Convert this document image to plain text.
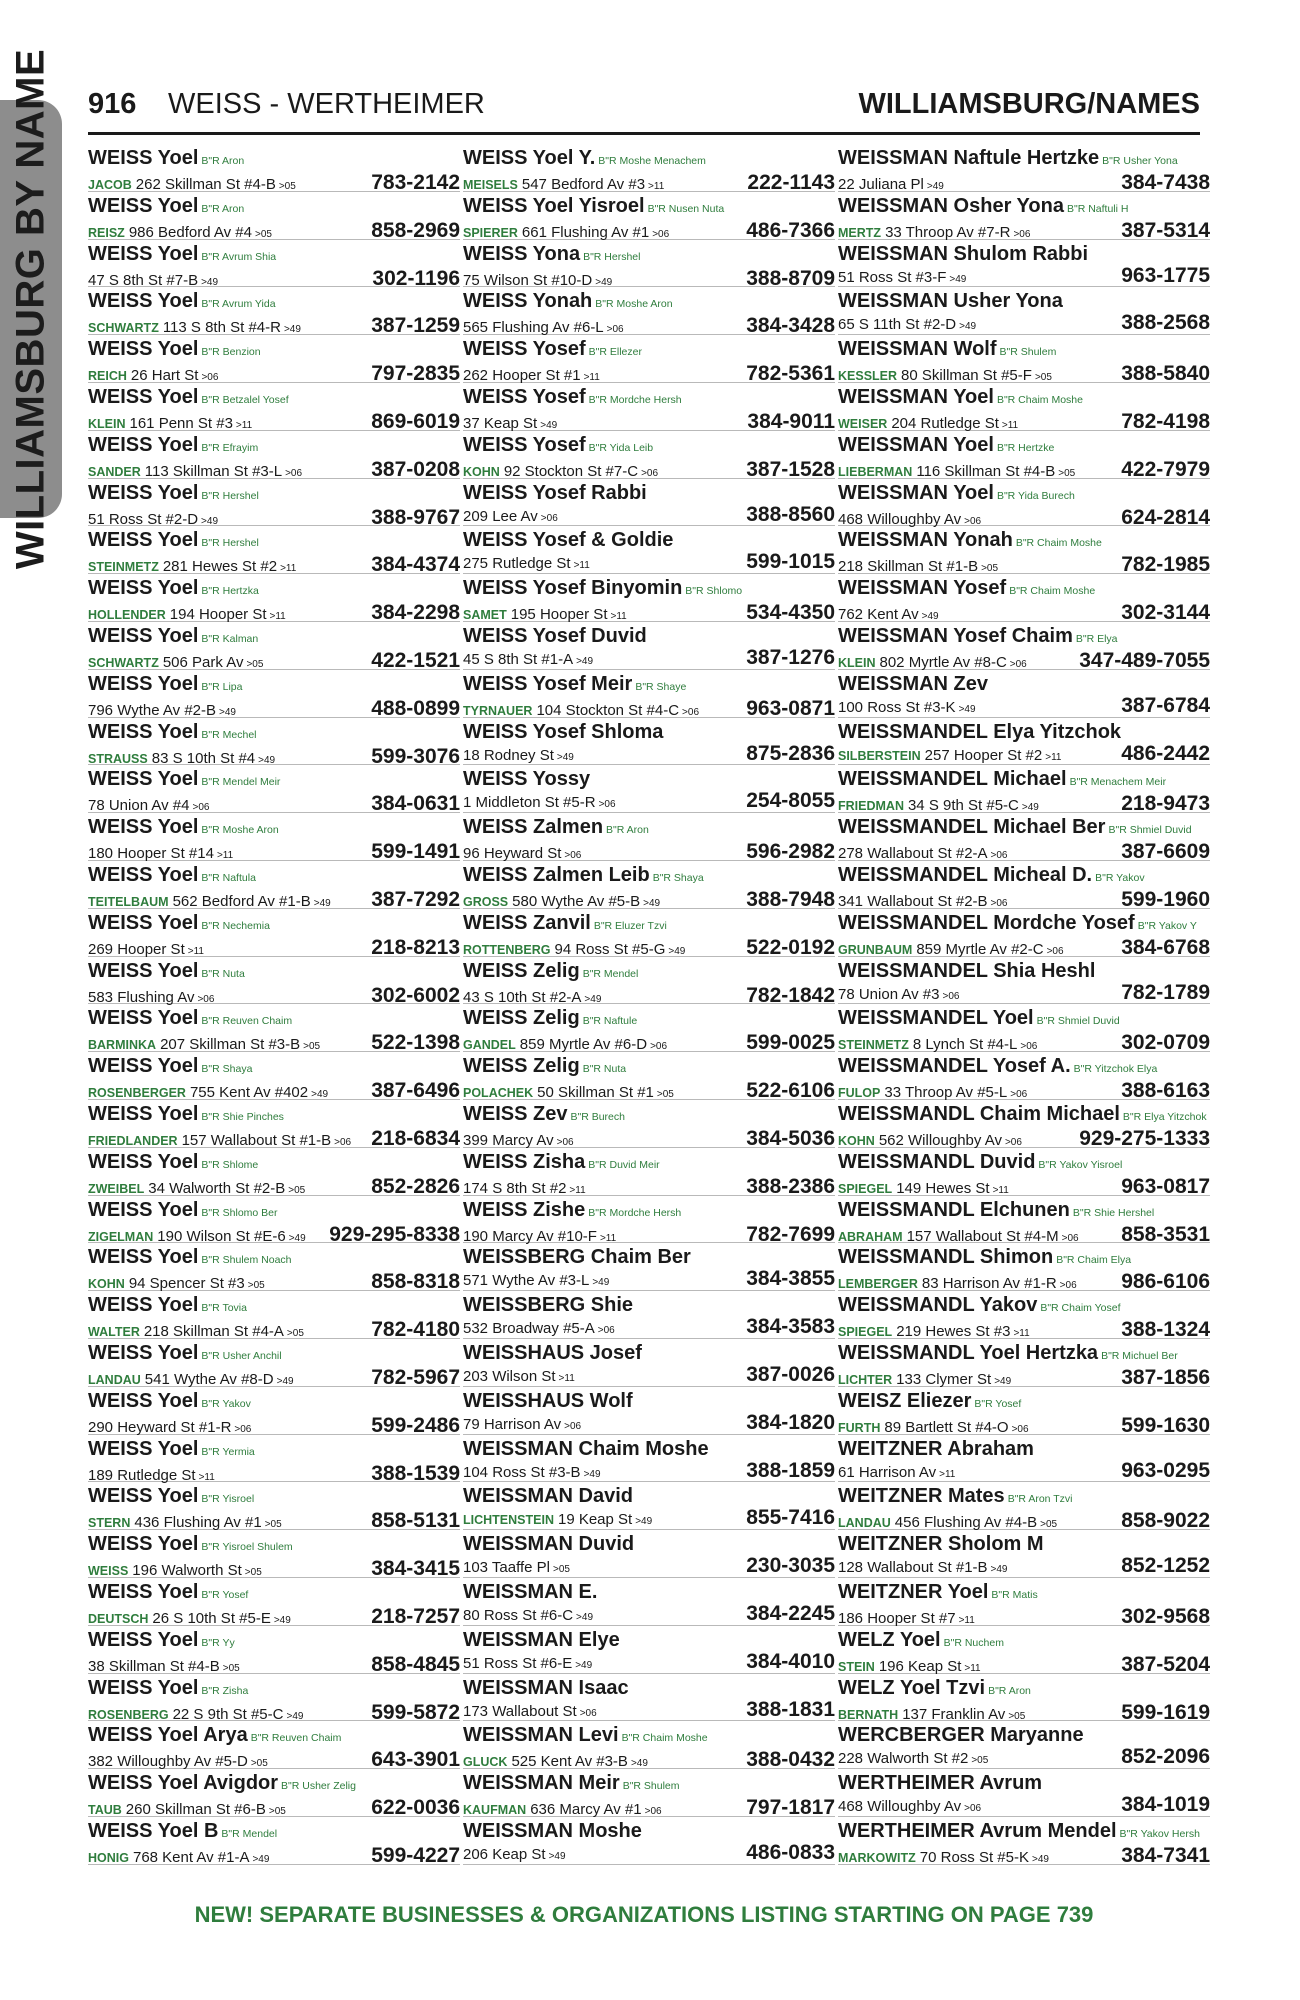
WILLIAMSBURG BY NAME 916 WEISS - WERTHEIMER	WILLIAMSBURG/NAMES
WEISS Yoel B"R Aron
JACOB 262 Skillman St #4-B >05	783-2142
WEISS Yoel B"R Aron
REISZ 986 Bedford Av #4 >05	858-2969
WEISS Yoel B"R Avrum Shia
47 S 8th St #7-B >49	302-1196
WEISS Yoel B"R Avrum Yida
SCHWARTZ 113 S 8th St #4-R >49	387-1259
WEISS Yoel B"R Benzion
REICH 26 Hart St >06	797-2835
WEISS Yoel B"R Betzalel Yosef
KLEIN 161 Penn St #3 >11	869-6019
WEISS Yoel B"R Efrayim
SANDER 113 Skillman St #3-L >06	387-0208
WEISS Yoel B"R Hershel
51 Ross St #2-D >49	388-9767
WEISS Yoel B"R Hershel
STEINMETZ 281 Hewes St #2 >11	384-4374
WEISS Yoel B"R Hertzka
HOLLENDER 194 Hooper St >11	384-2298
WEISS Yoel B"R Kalman
SCHWARTZ 506 Park Av >05	422-1521
WEISS Yoel B"R Lipa
796 Wythe Av #2-B >49	488-0899
WEISS Yoel B"R Mechel
STRAUSS 83 S 10th St #4 >49	599-3076
WEISS Yoel B"R Mendel Meir
78 Union Av #4 >06	384-0631
WEISS Yoel B"R Moshe Aron
180 Hooper St #14 >11	599-1491
WEISS Yoel B"R Naftula
TEITELBAUM 562 Bedford Av #1-B >49 387-7292
WEISS Yoel B"R Nechemia
269 Hooper St >11	218-8213
WEISS Yoel B"R Nuta
583 Flushing Av >06	302-6002
WEISS Yoel B"R Reuven Chaim
BARMINKA 207 Skillman St #3-B >05 522-1398
WEISS Yoel B"R Shaya
ROSENBERGER 755 Kent Av #402 >49 387-6496
WEISS Yoel B"R Shie Pinches
FRIEDLANDER 157 Wallabout St #1-B >06 218-6834
WEISS Yoel B"R Shlome
ZWEIBEL 34 Walworth St #2-B >05	852-2826
WEISS Yoel B"R Shlomo Ber
ZIGELMAN 190 Wilson St #E-6 >49 929-295-8338
WEISS Yoel B"R Shulem Noach
KOHN 94 Spencer St #3 >05	858-8318
WEISS Yoel B"R Tovia
WALTER 218 Skillman St #4-A >05	782-4180
WEISS Yoel B"R Usher Anchil
LANDAU 541 Wythe Av #8-D >49	782-5967
WEISS Yoel B"R Yakov
290 Heyward St #1-R >06	599-2486
WEISS Yoel B"R Yermia
189 Rutledge St >11	388-1539
WEISS Yoel B"R Yisroel
STERN 436 Flushing Av #1 >05	858-5131
WEISS Yoel B"R Yisroel Shulem
WEISS 196 Walworth St >05	384-3415
WEISS Yoel B"R Yosef
DEUTSCH 26 S 10th St #5-E >49	218-7257
WEISS Yoel B"R Yy
38 Skillman St #4-B >05	858-4845
WEISS Yoel B"R Zisha
ROSENBERG 22 S 9th St #5-C >49	599-5872
WEISS Yoel Arya B"R Reuven Chaim
382 Willoughby Av #5-D >05	643-3901
WEISS Yoel Avigdor B"R Usher Zelig
TAUB 260 Skillman St #6-B >05	622-0036
WEISS Yoel B B"R Mendel
HONIG 768 Kent Av #1-A >49	599-4227
WEISS Yoel Y. B"R Moshe Menachem
MEISELS 547 Bedford Av #3 >11	222-1143
WEISS Yoel Yisroel B"R Nusen Nuta
SPIERER 661 Flushing Av #1 >06	486-7366
WEISS Yona B"R Hershel
75 Wilson St #10-D >49	388-8709
WEISS Yonah B"R Moshe Aron
565 Flushing Av #6-L >06	384-3428
WEISS Yosef B"R Ellezer
262 Hooper St #1 >11	782-5361
WEISS Yosef B"R Mordche Hersh
37 Keap St >49	384-9011
WEISS Yosef B"R Yida Leib
KOHN 92 Stockton St #7-C >06	387-1528
WEISS Yosef Rabbi
209 Lee Av >06	388-8560
WEISS Yosef & Goldie
275 Rutledge St >11	599-1015
WEISS Yosef Binyomin B"R Shlomo
SAMET 195 Hooper St >11	534-4350
WEISS Yosef Duvid
45 S 8th St #1-A >49	387-1276
WEISS Yosef Meir B"R Shaye
TYRNAUER 104 Stockton St #4-C >06 963-0871
WEISS Yosef Shloma
18 Rodney St >49	875-2836
WEISS Yossy
1 Middleton St #5-R >06	254-8055
WEISS Zalmen B"R Aron
96 Heyward St >06	596-2982
WEISS Zalmen Leib B"R Shaya
GROSS 580 Wythe Av #5-B >49	388-7948
WEISS Zanvil B"R Eluzer Tzvi
ROTTENBERG 94 Ross St #5-G >49	522-0192
WEISS Zelig B"R Mendel
43 S 10th St #2-A >49	782-1842
WEISS Zelig B"R Naftule
GANDEL 859 Myrtle Av #6-D >06	599-0025
WEISS Zelig B"R Nuta
POLACHEK 50 Skillman St #1 >05	522-6106
WEISS Zev B"R Burech
399 Marcy Av >06	384-5036
WEISS Zisha B"R Duvid Meir
174 S 8th St #2 >11	388-2386
WEISS Zishe B"R Mordche Hersh
190 Marcy Av #10-F >11	782-7699
WEISSBERG Chaim Ber
571 Wythe Av #3-L >49	384-3855
WEISSBERG Shie
532 Broadway #5-A >06	384-3583
WEISSHAUS Josef
203 Wilson St >11	387-0026
WEISSHAUS Wolf
79 Harrison Av >06	384-1820
WEISSMAN Chaim Moshe
104 Ross St #3-B >49	388-1859
WEISSMAN David
LICHTENSTEIN 19 Keap St >49	855-7416
WEISSMAN Duvid
103 Taaffe Pl >05	230-3035
WEISSMAN E.
80 Ross St #6-C >49	384-2245
WEISSMAN Elye
51 Ross St #6-E >49	384-4010
WEISSMAN Isaac
173 Wallabout St >06	388-1831
WEISSMAN Levi B"R Chaim Moshe
GLUCK 525 Kent Av #3-B >49	388-0432
WEISSMAN Meir B"R Shulem
KAUFMAN 636 Marcy Av #1 >06	797-1817
WEISSMAN Moshe
206 Keap St >49	486-0833
WEISSMAN Naftule Hertzke B"R Usher Yona
22 Juliana Pl >49	384-7438
WEISSMAN Osher Yona B"R Naftuli H
MERTZ 33 Throop Av #7-R >06	387-5314
WEISSMAN Shulom Rabbi
51 Ross St #3-F >49	963-1775
WEISSMAN Usher Yona
65 S 11th St #2-D >49	388-2568
WEISSMAN Wolf B"R Shulem
KESSLER 80 Skillman St #5-F >05	388-5840
WEISSMAN Yoel B"R Chaim Moshe
WEISER 204 Rutledge St >11	782-4198
WEISSMAN Yoel B"R Hertzke
LIEBERMAN 116 Skillman St #4-B >05 422-7979
WEISSMAN Yoel B"R Yida Burech
468 Willoughby Av >06	624-2814
WEISSMAN Yonah B"R Chaim Moshe
218 Skillman St #1-B >05	782-1985
WEISSMAN Yosef B"R Chaim Moshe
762 Kent Av >49	302-3144
WEISSMAN Yosef Chaim B"R Elya
KLEIN 802 Myrtle Av #8-C >06 347-489-7055
WEISSMAN Zev
100 Ross St #3-K >49	387-6784
WEISSMANDEL Elya Yitzchok
SILBERSTEIN 257 Hooper St #2 >11	486-2442
WEISSMANDEL Michael B"R Menachem Meir
FRIEDMAN 34 S 9th St #5-C >49	218-9473
WEISSMANDEL Michael Ber B"R Shmiel Duvid
278 Wallabout St #2-A >06	387-6609
WEISSMANDEL Micheal D. B"R Yakov
341 Wallabout St #2-B >06	599-1960
WEISSMANDEL Mordche Yosef B"R Yakov Y
GRUNBAUM 859 Myrtle Av #2-C >06	384-6768
WEISSMANDEL Shia Heshl
78 Union Av #3 >06	782-1789
WEISSMANDEL Yoel B"R Shmiel Duvid
STEINMETZ 8 Lynch St #4-L >06	302-0709
WEISSMANDEL Yosef A. B"R Yitzchok Elya
FULOP 33 Throop Av #5-L >06	388-6163
WEISSMANDL Chaim Michael B"R Elya Yitzchok
KOHN 562 Willoughby Av >06	929-275-1333
WEISSMANDL Duvid B"R Yakov Yisroel
SPIEGEL 149 Hewes St >11	963-0817
WEISSMANDL Elchunen B"R Shie Hershel
ABRAHAM 157 Wallabout St #4-M >06 858-3531
WEISSMANDL Shimon B"R Chaim Elya
LEMBERGER 83 Harrison Av #1-R >06 986-6106
WEISSMANDL Yakov B"R Chaim Yosef
SPIEGEL 219 Hewes St #3 >11	388-1324
WEISSMANDL Yoel Hertzka B"R Michuel Ber
LICHTER 133 Clymer St >49	387-1856
WEISZ Eliezer B"R Yosef
FURTH 89 Bartlett St #4-O >06	599-1630
WEITZNER Abraham
61 Harrison Av >11	963-0295
WEITZNER Mates B"R Aron Tzvi
LANDAU 456 Flushing Av #4-B >05	858-9022
WEITZNER Sholom M
128 Wallabout St #1-B >49	852-1252
WEITZNER Yoel B"R Matis
186 Hooper St #7 >11	302-9568
WELZ Yoel B"R Nuchem
STEIN 196 Keap St >11	387-5204
WELZ Yoel Tzvi B"R Aron
BERNATH 137 Franklin Av >05	599-1619
WERCBERGER Maryanne
228 Walworth St #2 >05	852-2096
WERTHEIMER Avrum
468 Willoughby Av >06	384-1019
WERTHEIMER Avrum Mendel B"R Yakov Hersh
MARKOWITZ 70 Ross St #5-K >49	384-7341
NEW! SEPARATE BUSINESSES & ORGANIZATIONS LISTING STARTING ON PAGE 739
